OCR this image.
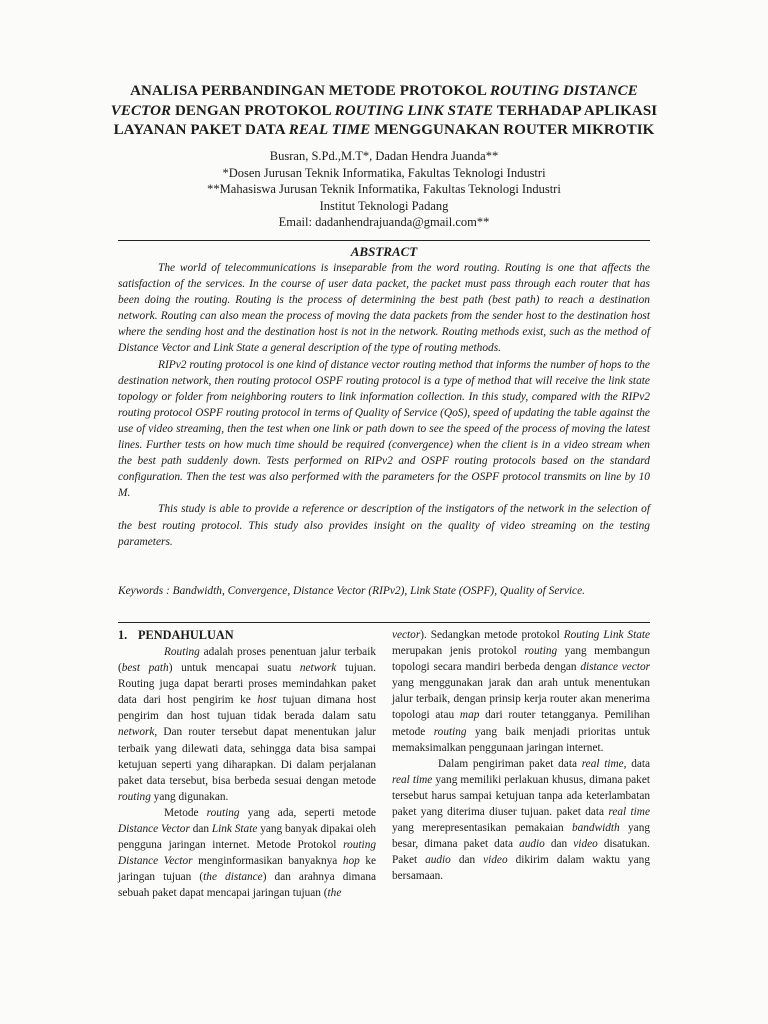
ANALISA PERBANDINGAN METODE PROTOKOL ROUTING DISTANCE
VECTOR DENGAN PROTOKOL ROUTING LINK STATE TERHADAP APLIKASI
LAYANAN PAKET DATA REAL TIME MENGGUNAKAN ROUTER MIKROTIK
Busran, S.Pd.,M.T*, Dadan Hendra Juanda**
*Dosen Jurusan Teknik Informatika, Fakultas Teknologi Industri
**Mahasiswa Jurusan Teknik Informatika, Fakultas Teknologi Industri
Institut Teknologi Padang
Email: dadanhendrajuanda@gmail.com**
ABSTRACT

The world of telecommunications is inseparable from the word routing. Routing is one that affects the satisfaction of the services. In the course of user data packet, the packet must pass through each router that has been doing the routing. Routing is the process of determining the best path (best path) to reach a destination network. Routing can also mean the process of moving the data packets from the sender host to the destination host where the sending host and the destination host is not in the network. Routing methods exist, such as the method of Distance Vector and Link State a general description of the type of routing methods.

RIPv2 routing protocol is one kind of distance vector routing method that informs the number of hops to the destination network, then routing protocol OSPF routing protocol is a type of method that will receive the link state topology or folder from neighboring routers to link information collection. In this study, compared with the RIPv2 routing protocol OSPF routing protocol in terms of Quality of Service (QoS), speed of updating the table against the use of video streaming, then the test when one link or path down to see the speed of the process of moving the latest lines. Further tests on how much time should be required (convergence) when the client is in a video stream when the best path suddenly down. Tests performed on RIPv2 and OSPF routing protocols based on the standard configuration. Then the test was also performed with the parameters for the OSPF protocol transmits on line by 10 M.

This study is able to provide a reference or description of the instigators of the network in the selection of the best routing protocol. This study also provides insight on the quality of video streaming on the testing parameters.

Keywords : Bandwidth, Convergence, Distance Vector (RIPv2), Link State (OSPF), Quality of Service.
1. PENDAHULUAN

Routing adalah proses penentuan jalur terbaik (best path) untuk mencapai suatu network tujuan. Routing juga dapat berarti proses memindahkan paket data dari host pengirim ke host tujuan dimana host pengirim dan host tujuan tidak berada dalam satu network, Dan router tersebut dapat menentukan jalur terbaik yang dilewati data, sehingga data bisa sampai ketujuan seperti yang diharapkan. Di dalam perjalanan paket data tersebut, bisa berbeda sesuai dengan metode routing yang digunakan.

Metode routing yang ada, seperti metode Distance Vector dan Link State yang banyak dipakai oleh pengguna jaringan internet. Metode Protokol routing Distance Vector menginformasikan banyaknya hop ke jaringan tujuan (the distance) dan arahnya dimana sebuah paket dapat mencapai jaringan tujuan (the

vector). Sedangkan metode protokol Routing Link State merupakan jenis protokol routing yang membangun topologi secara mandiri berbeda dengan distance vector yang menggunakan jarak dan arah untuk menentukan jalur terbaik, dengan prinsip kerja router akan menerima topologi atau map dari router tetangganya. Pemilihan metode routing yang baik menjadi prioritas untuk memaksimalkan penggunaan jaringan internet.

Dalam pengiriman paket data real time, data real time yang memiliki perlakuan khusus, dimana paket tersebut harus sampai ketujuan tanpa ada keterlambatan paket yang diterima diuser tujuan. paket data real time yang merepresentasikan pemakaian bandwidth yang besar, dimana paket data audio dan video disatukan. Paket audio dan video dikirim dalam waktu yang bersamaan.
